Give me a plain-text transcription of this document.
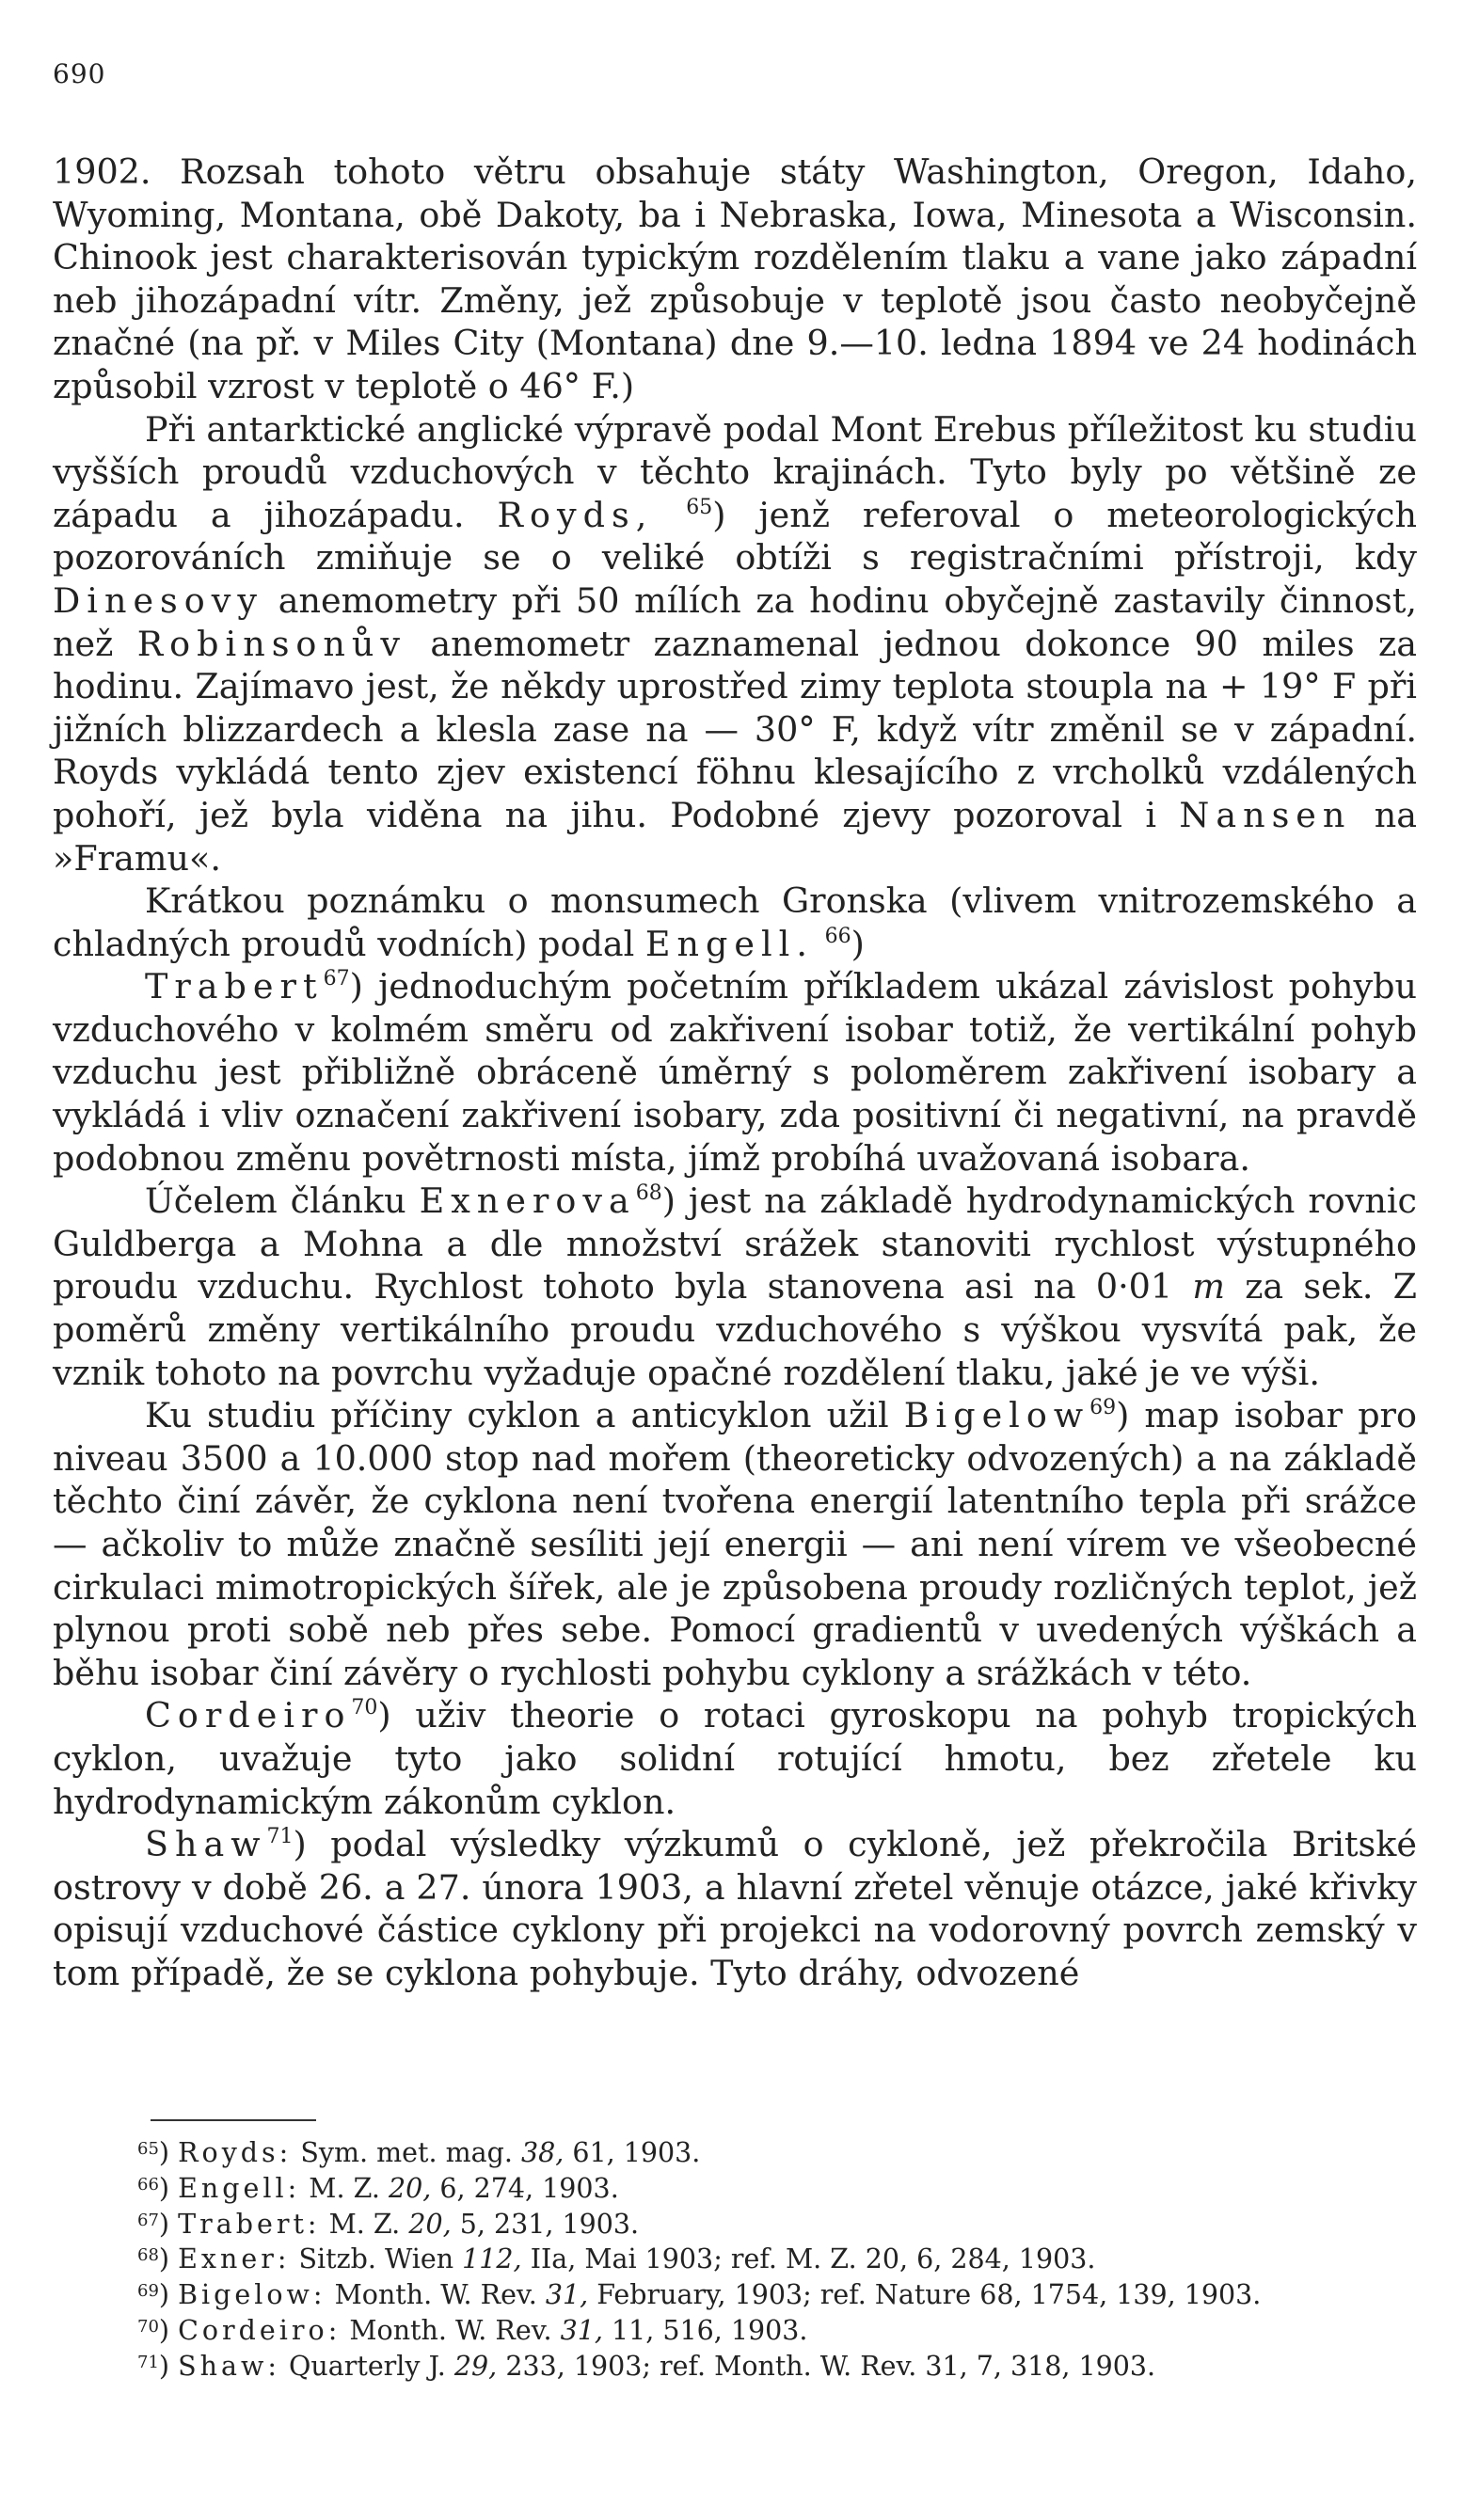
690

1902. Rozsah tohoto větru obsahuje státy Washington, Oregon, Idaho, Wyoming, Montana, obě Dakoty, ba i Nebraska, Iowa, Minesota a Wisconsin. Chinook jest charakterisován typickým rozdělením tlaku a vane jako západní neb jihozápadní vítr. Změny, jež způsobuje v teplotě jsou často neobyčejně značné (na př. v Miles City (Montana) dne 9.—10. ledna 1894 ve 24 hodinách způsobil vzrost v teplotě o 46° F.)

Při antarktické anglické výpravě podal Mont Erebus příležitost ku studiu vyšších proudů vzduchových v těchto krajinách. Tyto byly po většině ze západu a jihozápadu. Royds, $^{65}$) jenž referoval o meteorologických pozorováních zmiňuje se o veliké obtíži s registračními přístroji, kdy Dinesovy anemometry při 50 mílích za hodinu obyčejně zastavily činnost, než Robinsonův anemometr zaznamenal jednou dokonce 90 miles za hodinu. Zajímavo jest, že někdy uprostřed zimy teplota stoupla na + 19° F při jižních blizzardech a klesla zase na — 30° F, když vítr změnil se v západní. Royds vykládá tento zjev existencí föhnu klesajícího z vrcholků vzdálených pohoří, jež byla viděna na jihu. Podobné zjevy pozoroval i Nansen na »Framu«.

Krátkou poznámku o monsumech Gronska (vlivem vnitrozemského a chladných proudů vodních) podal Engell. $^{66}$)

Trabert$^{67}$) jednoduchým početním příkladem ukázal závislost pohybu vzduchového v kolmém směru od zakřivení isobar totiž, že vertikální pohyb vzduchu jest přibližně obráceně úměrný s poloměrem zakřivení isobary a vykládá i vliv označení zakřivení isobary, zda positivní či negativní, na pravdě podobnou změnu povětrnosti místa, jímž probíhá uvažovaná isobara.

Účelem článku Exnerova$^{68}$) jest na základě hydrodynamických rovnic Guldberga a Mohna a dle množství srážek stanoviti rychlost výstupného proudu vzduchu. Rychlost tohoto byla stanovena asi na 0·01 m za sek. Z poměrů změny vertikálního proudu vzduchového s výškou vysvítá pak, že vznik tohoto na povrchu vyžaduje opačné rozdělení tlaku, jaké je ve výši.

Ku studiu příčiny cyklon a anticyklon užil Bigelow$^{69}$) map isobar pro niveau 3500 a 10.000 stop nad mořem (theoreticky odvozených) a na základě těchto činí závěr, že cyklona není tvořena energií latentního tepla při srážce — ačkoliv to může značně sesíliti její energii — ani není vírem ve všeobecné cirkulaci mimotropických šířek, ale je způsobena proudy rozličných teplot, jež plynou proti sobě neb přes sebe. Pomocí gradientů v uvedených výškách a běhu isobar činí závěry o rychlosti pohybu cyklony a srážkách v této.

Cordeiro$^{70}$) uživ theorie o rotaci gyroskopu na pohyb tropických cyklon, uvažuje tyto jako solidní rotující hmotu, bez zřetele ku hydrodynamickým zákonům cyklon.

Shaw$^{71}$) podal výsledky výzkumů o cykloně, jež překročila Britské ostrovy v době 26. a 27. února 1903, a hlavní zřetel věnuje otázce, jaké křivky opisují vzduchové částice cyklony při projekci na vodorovný povrch zemský v tom případě, že se cyklona pohybuje. Tyto dráhy, odvozené

$^{65}$) Royds: Sym. met. mag. 38, 61, 1903.

$^{66}$) Engell: M. Z. 20, 6, 274, 1903.

$^{67}$) Trabert: M. Z. 20, 5, 231, 1903.

$^{68}$) Exner: Sitzb. Wien 112, IIa, Mai 1903; ref. M. Z. 20, 6, 284, 1903.

$^{69}$) Bigelow: Month. W. Rev. 31, February, 1903; ref. Nature 68, 1754, 139, 1903.

$^{70}$) Cordeiro: Month. W. Rev. 31, 11, 516, 1903.

$^{71}$) Shaw: Quarterly J. 29, 233, 1903; ref. Month. W. Rev. 31, 7, 318, 1903.
